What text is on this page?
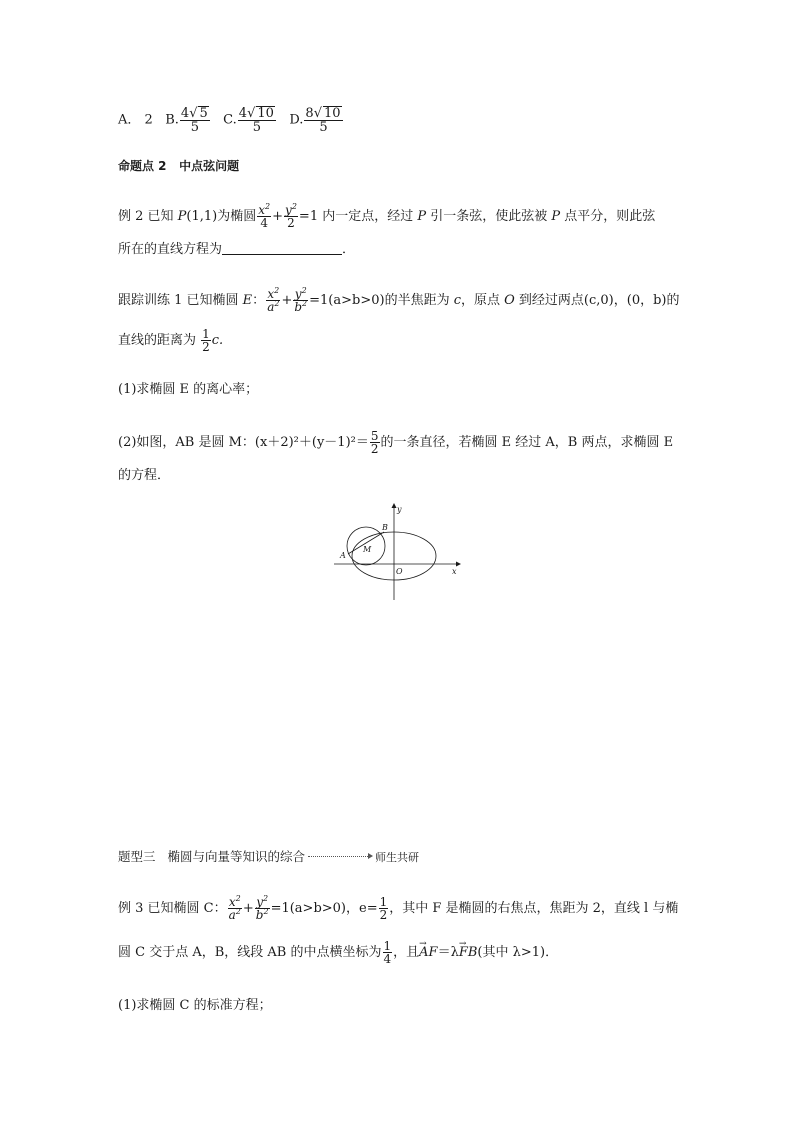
A． 2 B. $\frac{4√ 5}{5} C$. $\frac{4√ 10}{5} D$. $\frac{8√ 10}{5}$
命题点 2 中点弦问题
例 2 已知 P(1,1)为椭圆 $\frac{x^2}{4} + \frac{y^2}{2} =1$ 内一定点，经过 P 引一条弦，使此弦被 P 点平分，则此弦
所在的直线方程为	．
跟踪训练 1 已知椭圆 E： $\frac{x^2}{a^2} + \frac{y^2}{b^2} =1(a>b>0)$的半焦距为 c，原点 O 到经过两点(c,0)，(0，b)的
直线的距离为 $\frac{1}{2} c$.
(1)求椭圆 E 的离心率；
(2)如图，AB 是圆 M：$(x+2)^2+(y-1)^2= \frac{5}{2}$ 的一条直径，若椭圆 E 经过 A，B 两点，求椭圆 E
的方程．
y
x
O
A
B
M
题型三 椭圆与向量等知识的综合	师生共研
例 3 已知椭圆 C： $\frac{x^2}{a^2} + \frac{y^2}{b^2} =1(a>b>0)$，$e= \frac{1}{2}$ ，其中 F 是椭圆的右焦点，焦距为 2，直线 l 与椭
圆 C 交于点 A，B，线段 AB 的中点横坐标为 $\frac{1}{4}$ ，且→ AF＝λ→ FB(其中 λ>1)．
(1)求椭圆 C 的标准方程；
